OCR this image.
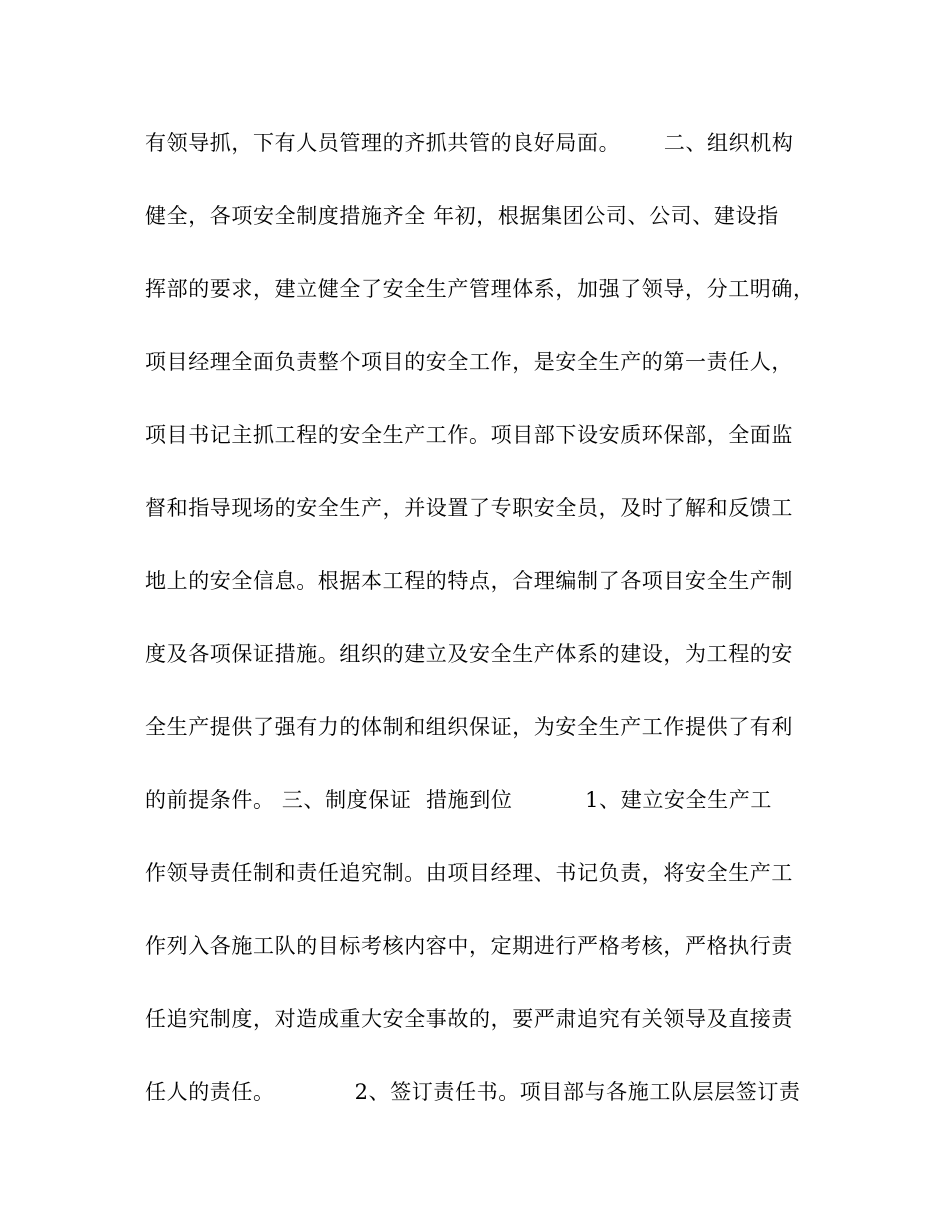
有领导抓，下有人员管理的齐抓共管的良好局面。      二、组织机构
健全，各项安全制度措施齐全 年初，根据集团公司、公司、建设指
挥部的要求，建立健全了安全生产管理体系，加强了领导，分工明确，
项目经理全面负责整个项目的安全工作，是安全生产的第一责任人，
项目书记主抓工程的安全生产工作。项目部下设安质环保部，全面监
督和指导现场的安全生产，并设置了专职安全员，及时了解和反馈工
地上的安全信息。根据本工程的特点，合理编制了各项目安全生产制
度及各项保证措施。组织的建立及安全生产体系的建设，为工程的安
全生产提供了强有力的体制和组织保证，为安全生产工作提供了有利
的前提条件。 三、制度保证  措施到位          1、建立安全生产工
作领导责任制和责任追究制。由项目经理、书记负责，将安全生产工
作列入各施工队的目标考核内容中，定期进行严格考核，严格执行责
任追究制度，对造成重大安全事故的，要严肃追究有关领导及直接责
任人的责任。           2、签订责任书。项目部与各施工队层层签订责
